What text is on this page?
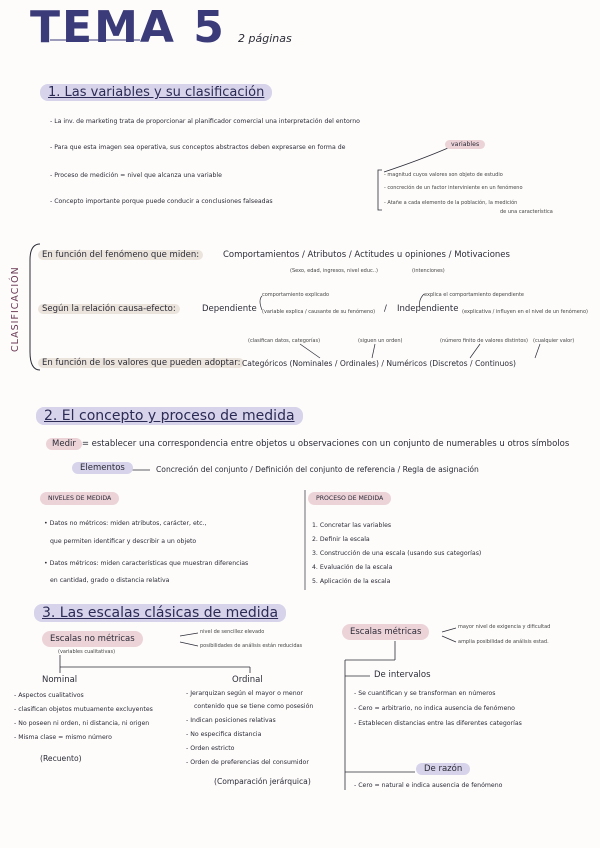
TEMA 5 2 páginas
1. Las variables y su clasificación
- La inv. de marketing trata de proporcionar al planificador comercial una interpretación del entorno
- Para que esta imagen sea operativa, sus conceptos abstractos deben expresarse en forma de	variables
- Proceso de medición = nivel que alcanza una variable
- Concepto importante porque puede conducir a conclusiones falseadas
- magnitud cuyos valores son objeto de estudio
- concreción de un factor interviniente en un fenómeno
- Atañe a cada elemento de la población, la medición
de una característica
CLASIFICACIÓN
En función del fenómeno que miden:	Comportamientos / Atributos / Actitudes u opiniones / Motivaciones
(Sexo, edad, ingresos, nivel educ..)	(intenciones)
comportamiento explicado	explica el comportamiento dependiente
Según la relación causa-efecto:	Dependiente (variable explica / causante de su fenómeno) / Independiente (explicativa / influyen en el nivel de un fenómeno)
(clasifican datos, categorías)	(siguen un orden)	(número finito de valores distintos) (cualquier valor)
En función de los valores que pueden adoptar: Categóricos (Nominales / Ordinales) / Numéricos (Discretos / Continuos)
2. El concepto y proceso de medida
Medir = establecer una correspondencia entre objetos u observaciones con un conjunto de numerables u otros símbolos
Elementos	Concreción del conjunto / Definición del conjunto de referencia / Regla de asignación
NIVELES DE MEDIDA
• Datos no métricos: miden atributos, carácter, etc.,
que permiten identificar y describir a un objeto
• Datos métricos: miden características que muestran diferencias
en cantidad, grado o distancia relativa
PROCESO DE MEDIDA
1. Concretar las variables
2. Definir la escala
3. Construcción de una escala (usando sus categorías)
4. Evaluación de la escala
5. Aplicación de la escala
3. Las escalas clásicas de medida
Escalas no métricas
(variables cualitativas)
nivel de sencillez elevado
posibilidades de análisis están reducidas
Nominal
- Aspectos cualitativos
- clasifican objetos mutuamente excluyentes
- No poseen ni orden, ni distancia, ni origen
- Misma clase = mismo número
(Recuento)
Ordinal
- Jerarquizan según el mayor o menor
contenido que se tiene como posesión
- Indican posiciones relativas
- No especifica distancia
- Orden estricto
- Orden de preferencias del consumidor
(Comparación jerárquica)
Escalas métricas	mayor nivel de exigencia y dificultad
amplia posibilidad de análisis estad.
De intervalos
- Se cuantifican y se transforman en números
- Cero = arbitrario, no indica ausencia de fenómeno
- Establecen distancias entre las diferentes categorías
De razón
- Cero = natural e indica ausencia de fenómeno
